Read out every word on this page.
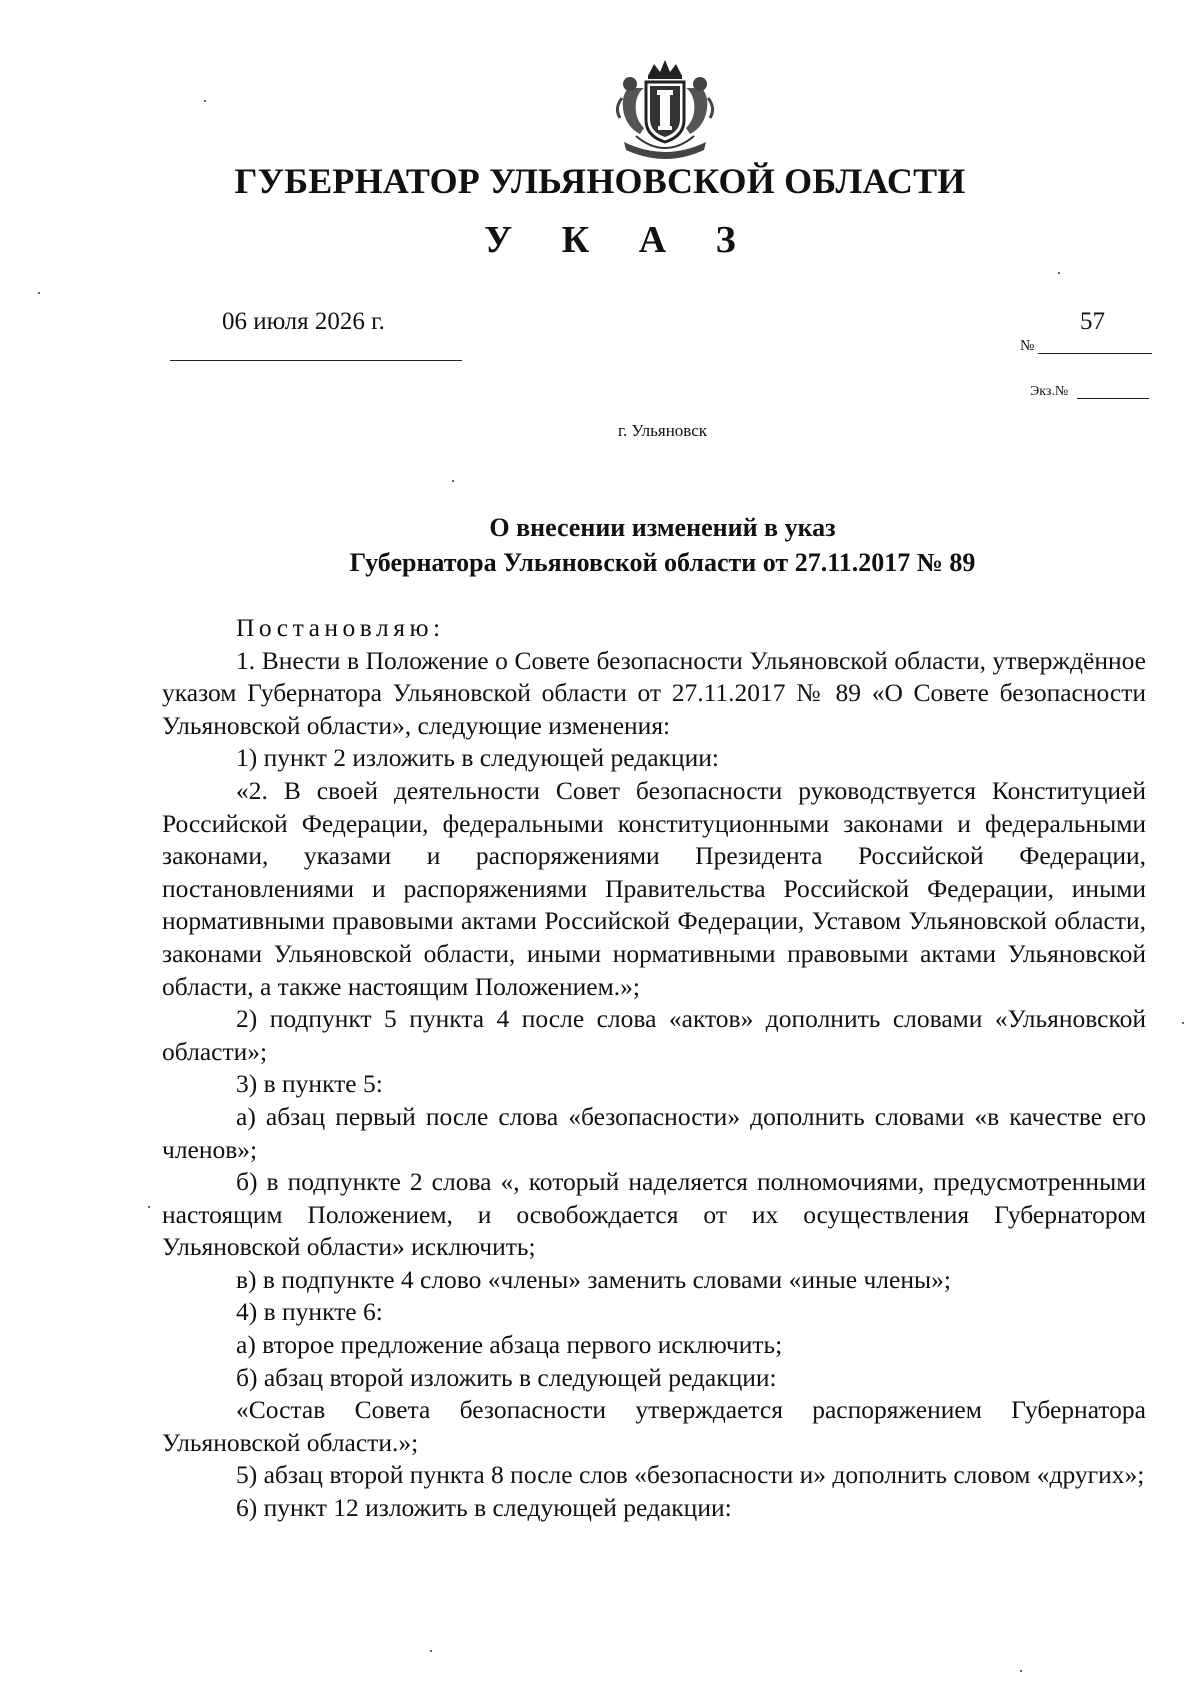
ГУБЕРНАТОР УЛЬЯНОВСКОЙ ОБЛАСТИ
У К А З
06 июля 2026 г.
№
57
Экз.№
г. Ульяновск
О внесении изменений в указ
Губернатора Ульяновской области от 27.11.2017 № 89
Постановляю:
1. Внести в Положение о Совете безопасности Ульяновской области, утверждённое указом Губернатора Ульяновской области от 27.11.2017 № 89 «О Совете безопасности Ульяновской области», следующие изменения:
1) пункт 2 изложить в следующей редакции:
«2. В своей деятельности Совет безопасности руководствуется Конституцией Российской Федерации, федеральными конституционными законами и федеральными законами, указами и распоряжениями Президента Российской Федерации, постановлениями и распоряжениями Правительства Российской Федерации, иными нормативными правовыми актами Российской Федерации, Уставом Ульяновской области, законами Ульяновской области, иными нормативными правовыми актами Ульяновской области, а также настоящим Положением.»;
2) подпункт 5 пункта 4 после слова «актов» дополнить словами «Ульяновской области»;
3) в пункте 5:
а) абзац первый после слова «безопасности» дополнить словами «в качестве его членов»;
б) в подпункте 2 слова «, который наделяется полномочиями, предусмотренными настоящим Положением, и освобождается от их осуществления Губернатором Ульяновской области» исключить;
в) в подпункте 4 слово «члены» заменить словами «иные члены»;
4) в пункте 6:
а) второе предложение абзаца первого исключить;
б) абзац второй изложить в следующей редакции:
«Состав Совета безопасности утверждается распоряжением Губернатора Ульяновской области.»;
5) абзац второй пункта 8 после слов «безопасности и» дополнить словом «других»;
6) пункт 12 изложить в следующей редакции:
